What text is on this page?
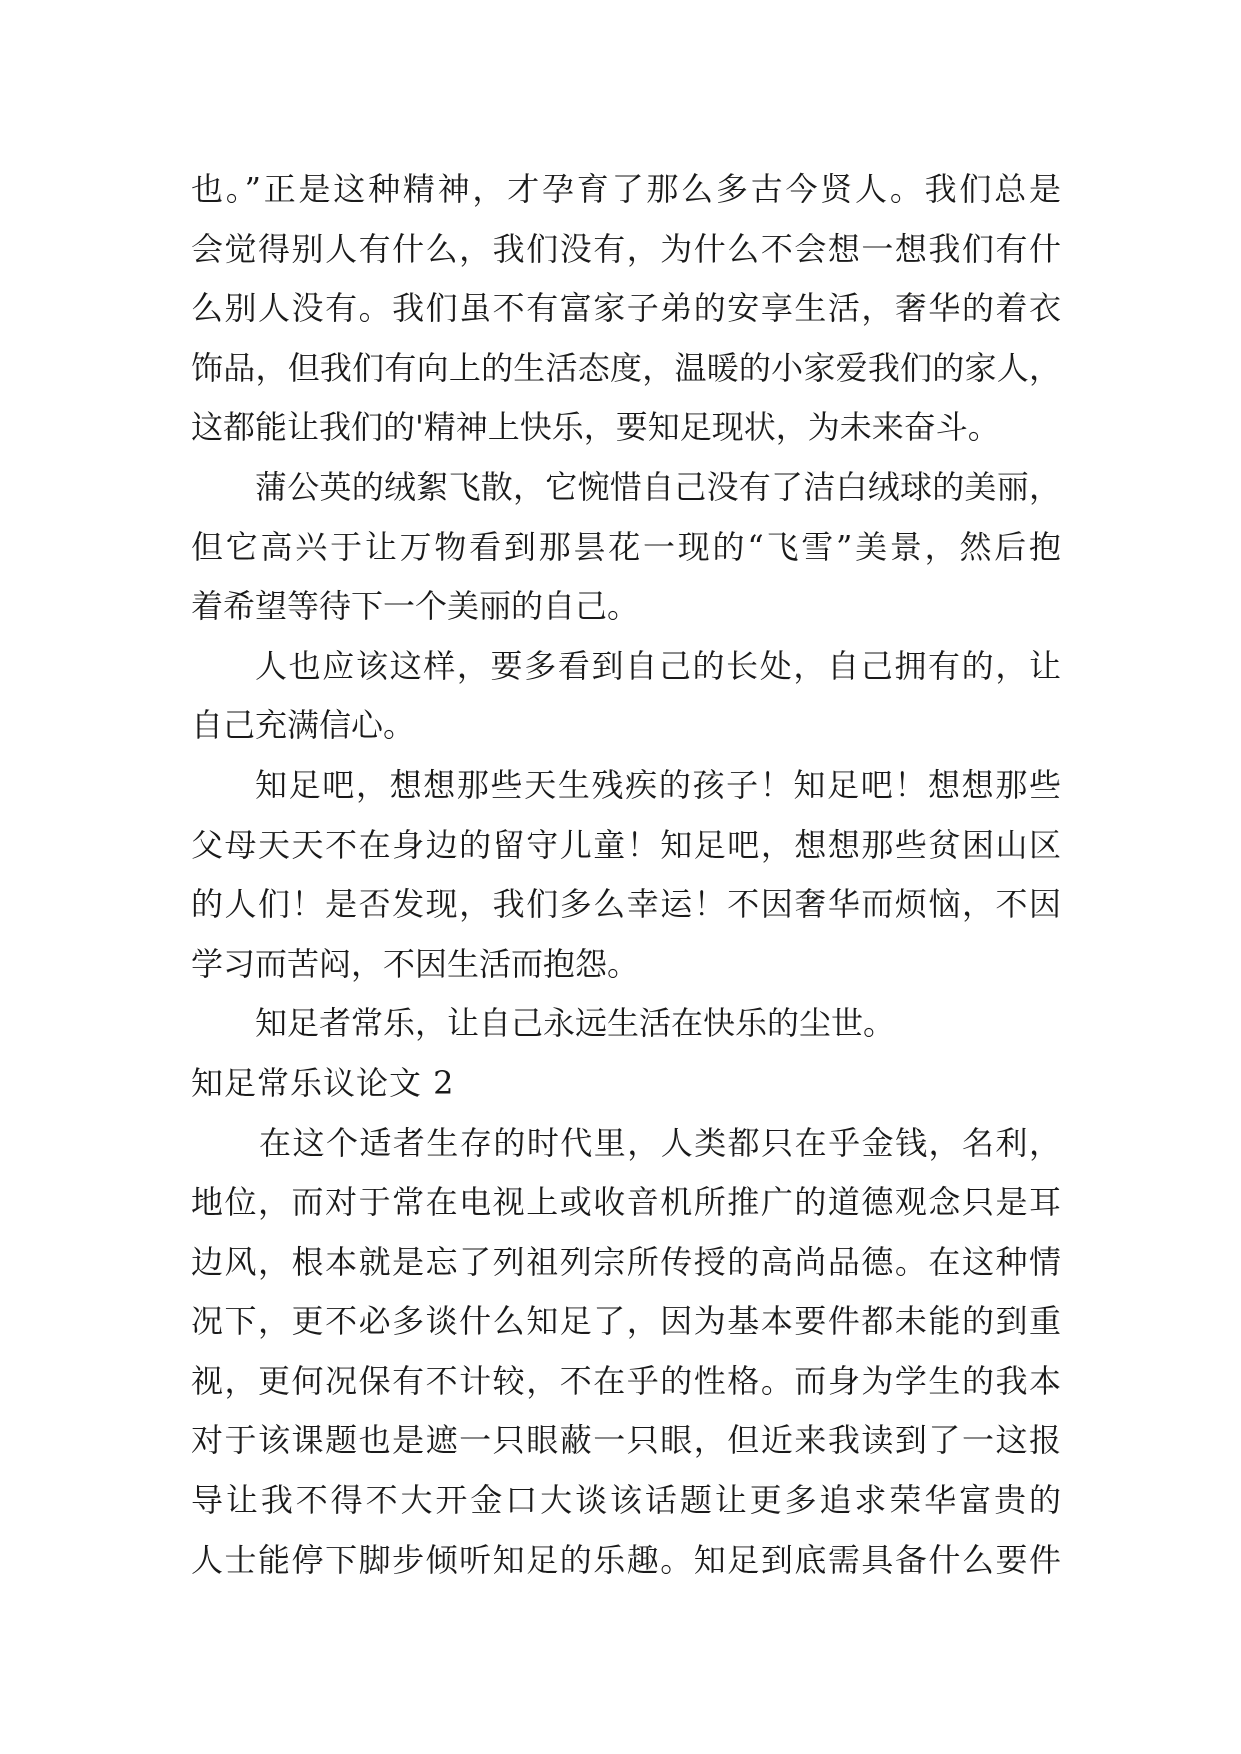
也。”正是这种精神，才孕育了那么多古今贤人。我们总是
会觉得别人有什么，我们没有，为什么不会想一想我们有什
么别人没有。我们虽不有富家子弟的安享生活，奢华的着衣
饰品，但我们有向上的生活态度，温暖的小家爱我们的家人，
这都能让我们的'精神上快乐，要知足现状，为未来奋斗。
蒲公英的绒絮飞散，它惋惜自己没有了洁白绒球的美丽，
但它高兴于让万物看到那昙花一现的“飞雪”美景，然后抱
着希望等待下一个美丽的自己。
人也应该这样，要多看到自己的长处，自己拥有的，让
自己充满信心。
知足吧，想想那些天生残疾的孩子！知足吧！想想那些
父母天天不在身边的留守儿童！知足吧，想想那些贫困山区
的人们！是否发现，我们多么幸运！不因奢华而烦恼，不因
学习而苦闷，不因生活而抱怨。
知足者常乐，让自己永远生活在快乐的尘世。
知足常乐议论文 2
在这个适者生存的时代里，人类都只在乎金钱，名利，
地位，而对于常在电视上或收音机所推广的道德观念只是耳
边风，根本就是忘了列祖列宗所传授的高尚品德。在这种情
况下，更不必多谈什么知足了，因为基本要件都未能的到重
视，更何况保有不计较，不在乎的性格。而身为学生的我本
对于该课题也是遮一只眼蔽一只眼，但近来我读到了一这报
导让我不得不大开金口大谈该话题让更多追求荣华富贵的
人士能停下脚步倾听知足的乐趣。知足到底需具备什么要件
